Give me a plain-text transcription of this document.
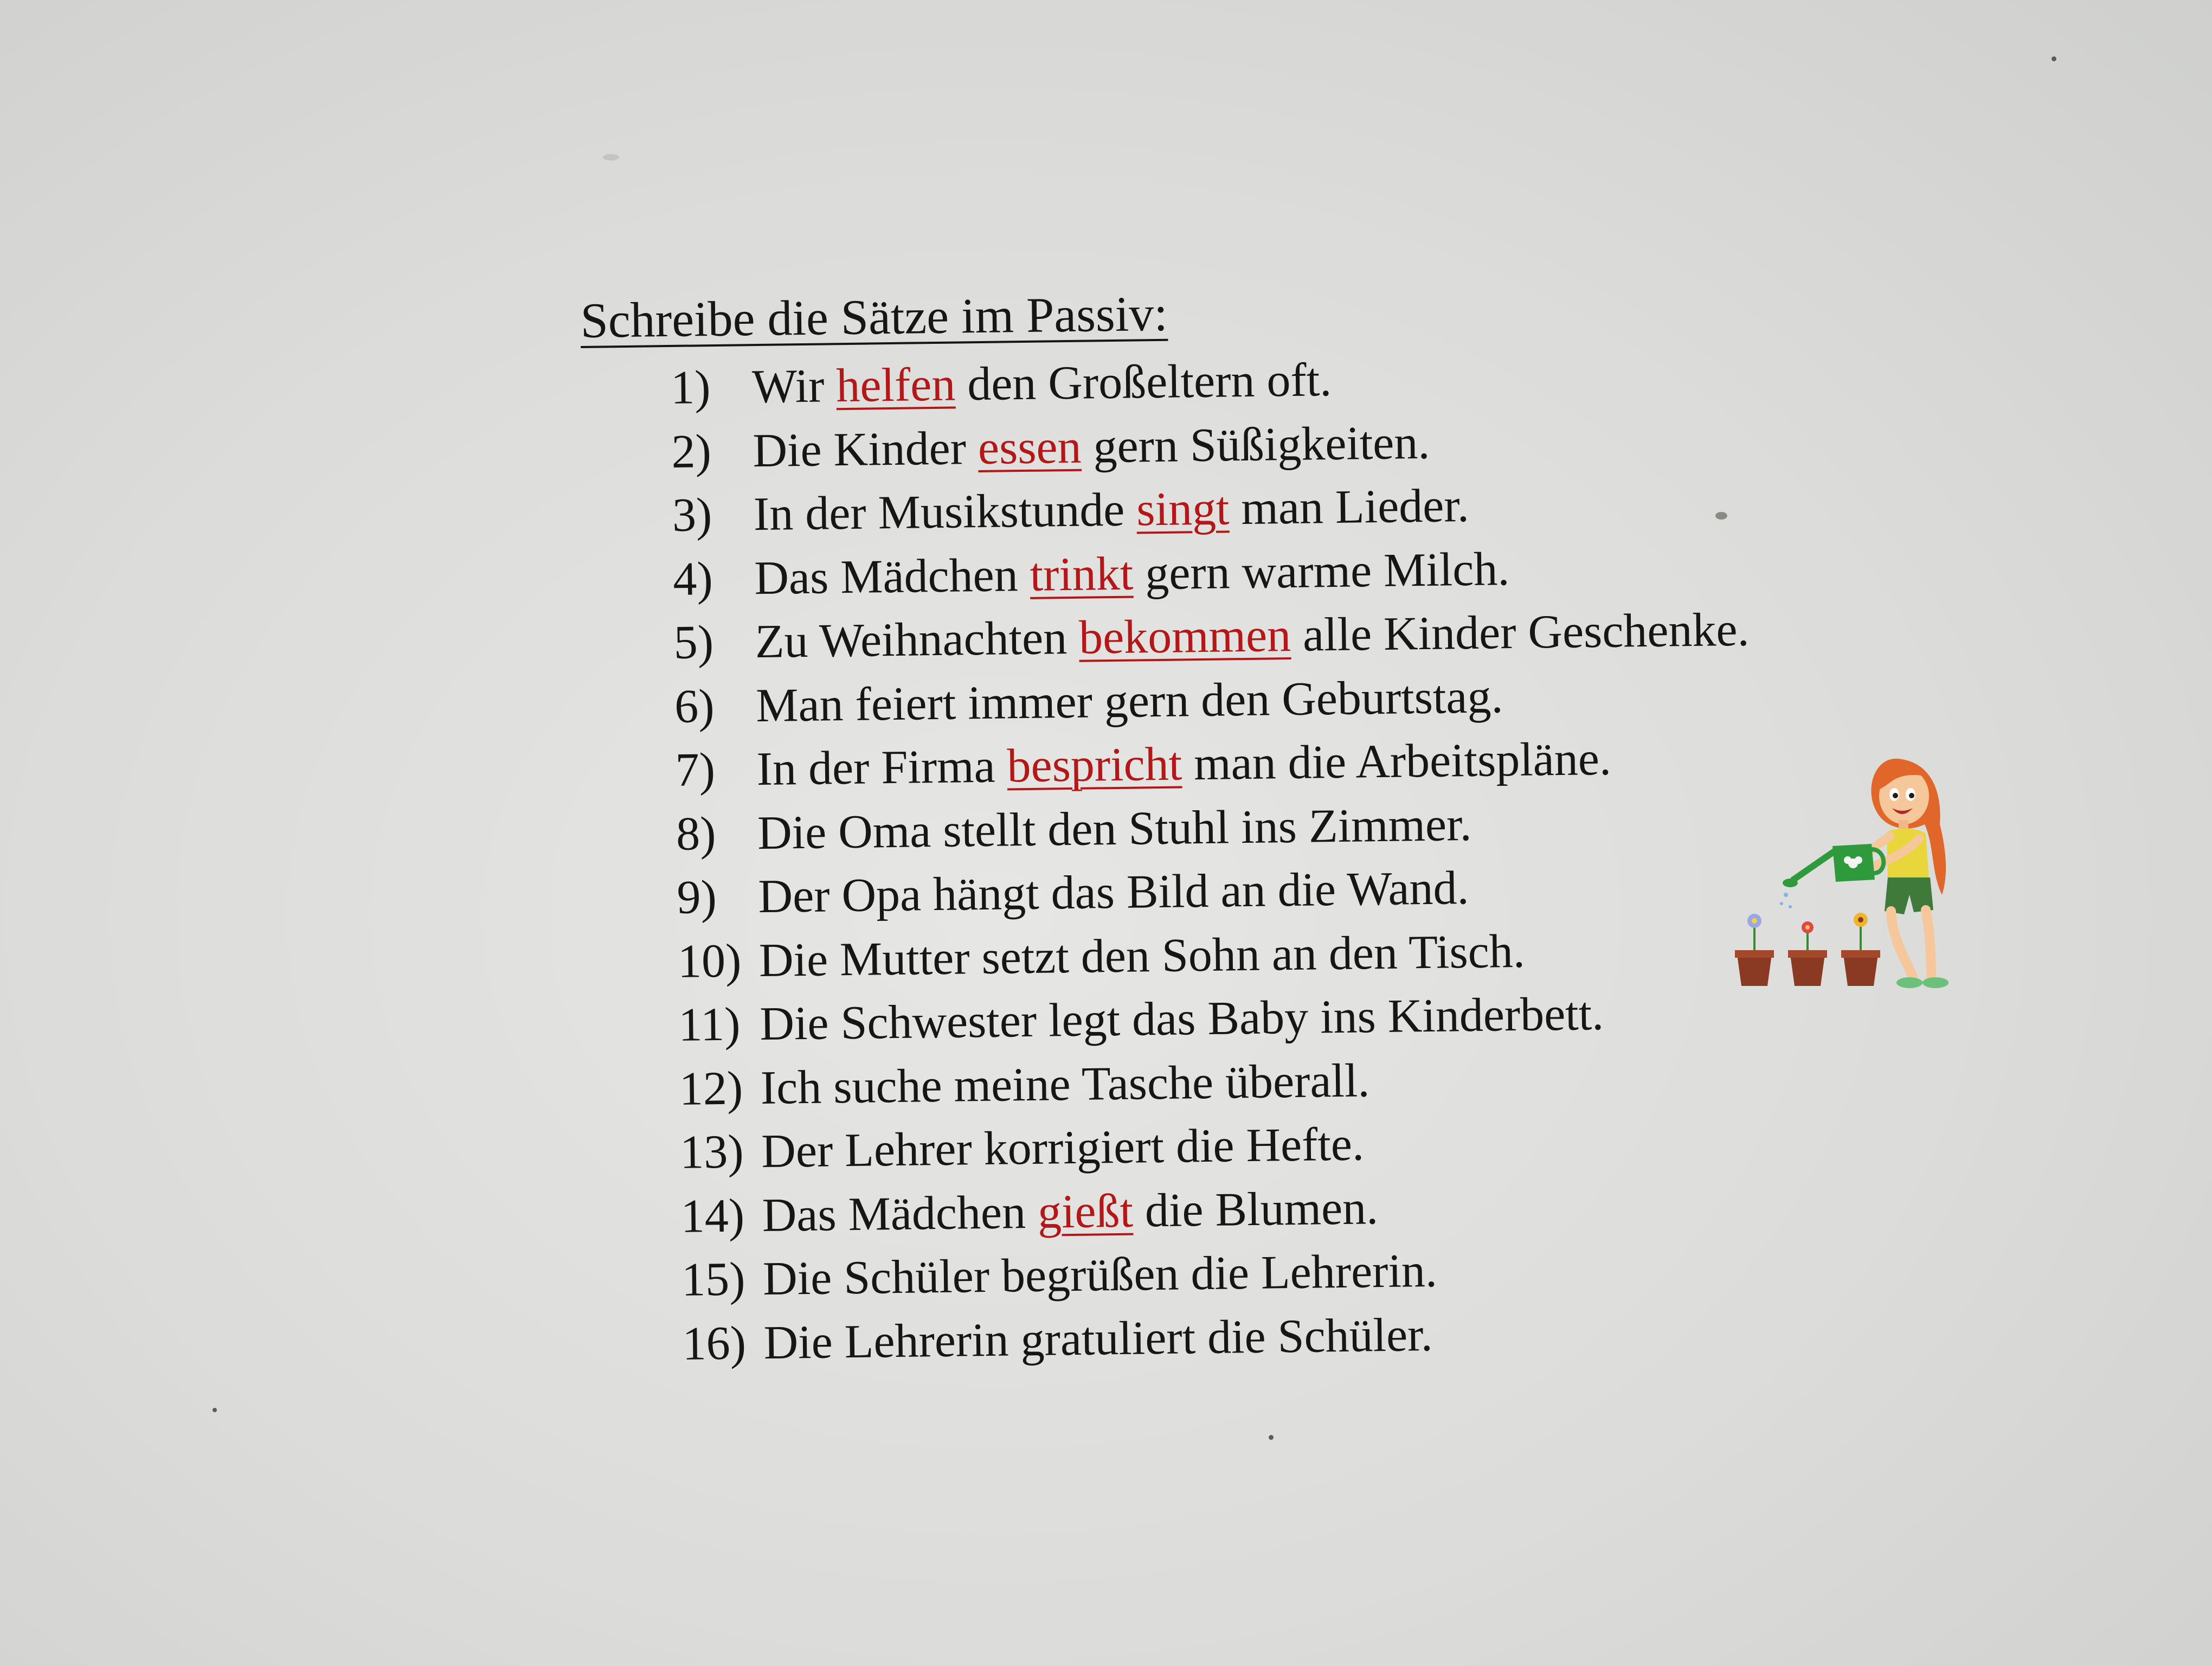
Schreibe die Sätze im Passiv:
1) Wir helfen den Großeltern oft.
2) Die Kinder essen gern Süßigkeiten.
3) In der Musikstunde singt man Lieder.
4) Das Mädchen trinkt gern warme Milch.
5) Zu Weihnachten bekommen alle Kinder Geschenke.
6) Man feiert immer gern den Geburtstag.
7) In der Firma bespricht man die Arbeitspläne.
8) Die Oma stellt den Stuhl ins Zimmer.
9) Der Opa hängt das Bild an die Wand.
10) Die Mutter setzt den Sohn an den Tisch.
11) Die Schwester legt das Baby ins Kinderbett.
12) Ich suche meine Tasche überall.
13) Der Lehrer korrigiert die Hefte.
14) Das Mädchen gießt die Blumen.
15) Die Schüler begrüßen die Lehrerin.
16) Die Lehrerin gratuliert die Schüler.
